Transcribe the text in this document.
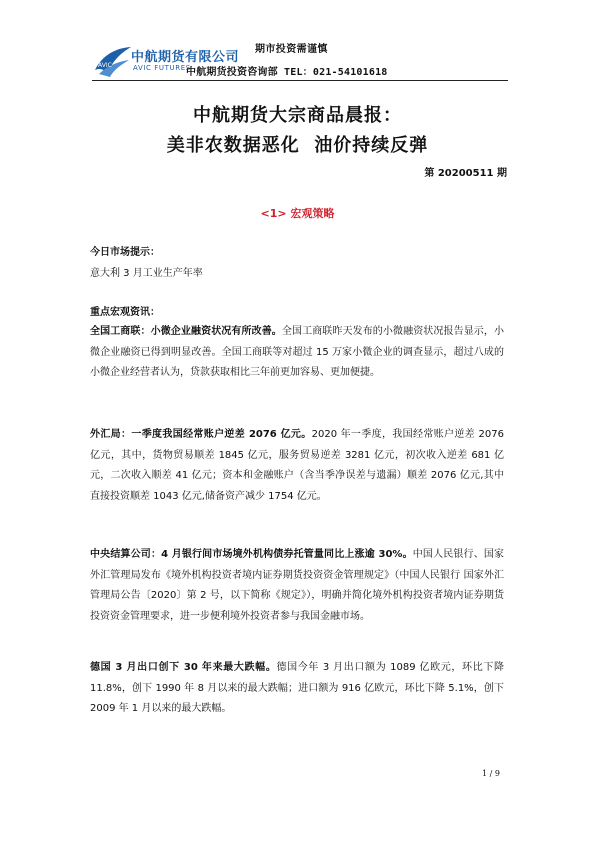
AVIC
中航期货有限公司
AVIC FUTURES
期市投资需谨慎
中航期货投资咨询部 TEL：021-54101618
中航期货大宗商品晨报：
美非农数据恶化  油价持续反弹
第 20200511 期
<1> 宏观策略
今日市场提示：
意大利 3 月工业生产年率
重点宏观资讯：
全国工商联：小微企业融资状况有所改善。全国工商联昨天发布的小微融资状况报告显示，小微企业融资已得到明显改善。全国工商联等对超过 15 万家小微企业的调查显示，超过八成的小微企业经营者认为，贷款获取相比三年前更加容易、更加便捷。
外汇局：一季度我国经常账户逆差 2076 亿元。2020 年一季度，我国经常账户逆差 2076 亿元，其中，货物贸易顺差 1845 亿元，服务贸易逆差 3281 亿元，初次收入逆差 681 亿元，二次收入顺差 41 亿元；资本和金融账户（含当季净误差与遗漏）顺差 2076 亿元,其中直接投资顺差 1043 亿元,储备资产减少 1754 亿元。
中央结算公司：4 月银行间市场境外机构债券托管量同比上涨逾 30%。中国人民银行、国家外汇管理局发布《境外机构投资者境内证券期货投资资金管理规定》（中国人民银行 国家外汇管理局公告〔2020〕第 2 号，以下简称《规定》），明确并简化境外机构投资者境内证券期货投资资金管理要求，进一步便利境外投资者参与我国金融市场。
德国 3 月出口创下 30 年来最大跌幅。德国今年 3 月出口额为 1089 亿欧元，环比下降 11.8%，创下 1990 年 8 月以来的最大跌幅；进口额为 916 亿欧元，环比下降 5.1%，创下 2009 年 1 月以来的最大跌幅。
1 / 9
